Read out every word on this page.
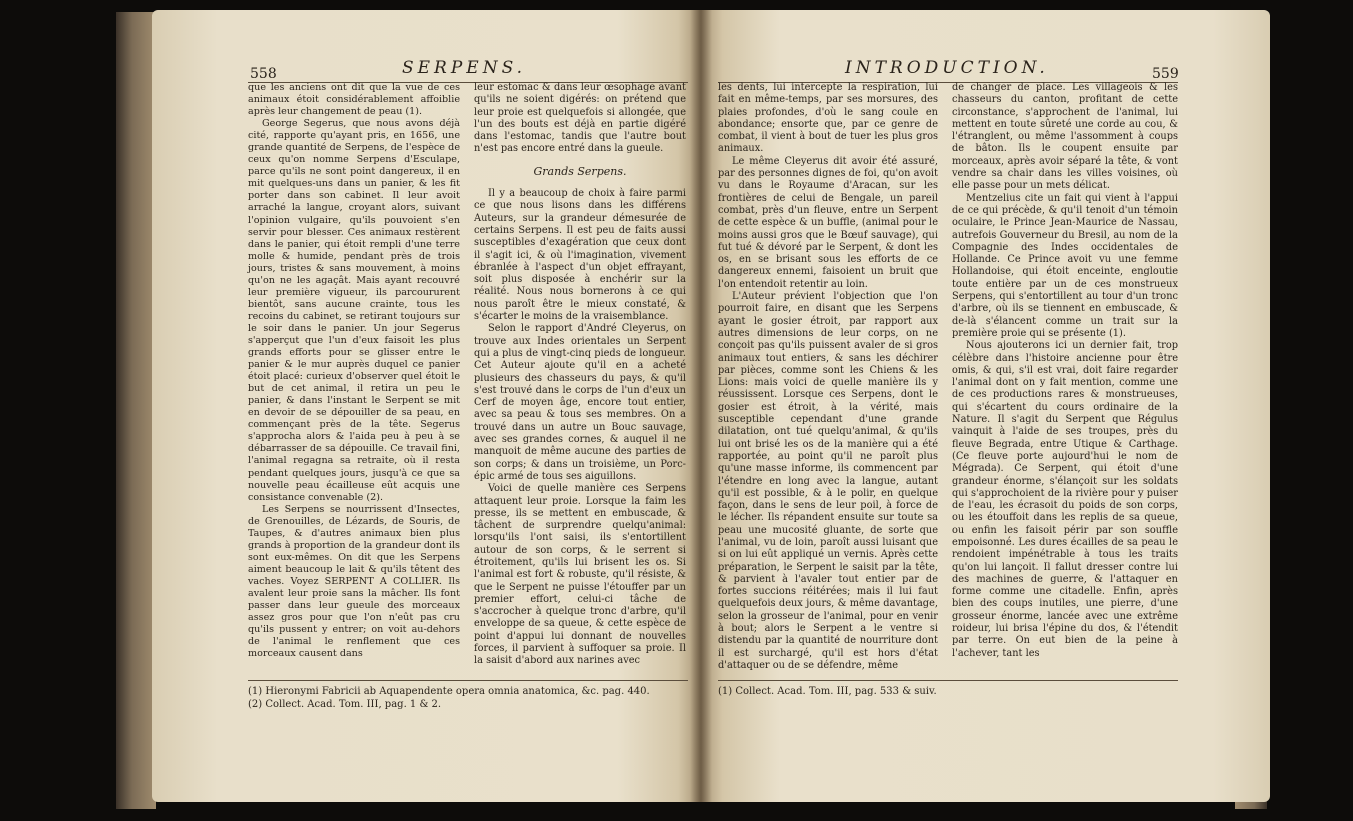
558	SERPENS.

que les anciens ont dit que la vue de ces animaux étoit considérablement affoiblie après leur changement de peau (1).

George Segerus, que nous avons déjà cité, rapporte qu'ayant pris, en 1656, une grande quantité de Serpens, de l'espèce de ceux qu'on nomme Serpens d'Esculape, parce qu'ils ne sont point dangereux, il en mit quelques-uns dans un panier, & les fit porter dans son cabinet. Il leur avoit arraché la langue, croyant alors, suivant l'opinion vulgaire, qu'ils pouvoient s'en servir pour blesser. Ces animaux restèrent dans le panier, qui étoit rempli d'une terre molle & humide, pendant près de trois jours, tristes & sans mouvement, à moins qu'on ne les agaçât. Mais ayant recouvré leur première vigueur, ils parcoururent bientôt, sans aucune crainte, tous les recoins du cabinet, se retirant toujours sur le soir dans le panier. Un jour Segerus s'apperçut que l'un d'eux faisoit les plus grands efforts pour se glisser entre le panier & le mur auprès duquel ce panier étoit placé: curieux d'observer quel étoit le but de cet animal, il retira un peu le panier, & dans l'instant le Serpent se mit en devoir de se dépouiller de sa peau, en commençant près de la tête. Segerus s'approcha alors & l'aida peu à peu à se débarrasser de sa dépouille. Ce travail fini, l'animal regagna sa retraite, où il resta pendant quelques jours, jusqu'à ce que sa nouvelle peau écailleuse eût acquis une consistance convenable (2).

Les Serpens se nourrissent d'Insectes, de Grenouilles, de Lézards, de Souris, de Taupes, & d'autres animaux bien plus grands à proportion de la grandeur dont ils sont eux-mêmes. On dit que les Serpens aiment beaucoup le lait & qu'ils têtent des vaches. Voyez SERPENT A COLLIER. Ils avalent leur proie sans la mâcher. Ils font passer dans leur gueule des morceaux assez gros pour que l'on n'eût pas cru qu'ils pussent y entrer; on voit au-dehors de l'animal le renflement que ces morceaux causent dans

leur estomac & dans leur œsophage avant qu'ils ne soient digérés: on prétend que leur proie est quelquefois si allongée, que l'un des bouts est déjà en partie digéré dans l'estomac, tandis que l'autre bout n'est pas encore entré dans la gueule.

Grands Serpens.

Il y a beaucoup de choix à faire parmi ce que nous lisons dans les différens Auteurs, sur la grandeur démesurée de certains Serpens. Il est peu de faits aussi susceptibles d'exagération que ceux dont il s'agit ici, & où l'imagination, vivement ébranlée à l'aspect d'un objet effrayant, soit plus disposée à enchérir sur la réalité. Nous nous bornerons à ce qui nous paroît être le mieux constaté, & s'écarter le moins de la vraisemblance.

Selon le rapport d'André Cleyerus, on trouve aux Indes orientales un Serpent qui a plus de vingt-cinq pieds de longueur. Cet Auteur ajoute qu'il en a acheté plusieurs des chasseurs du pays, & qu'il s'est trouvé dans le corps de l'un d'eux un Cerf de moyen âge, encore tout entier, avec sa peau & tous ses membres. On a trouvé dans un autre un Bouc sauvage, avec ses grandes cornes, & auquel il ne manquoit de même aucune des parties de son corps; & dans un troisième, un Porc-épic armé de tous ses aiguillons.

Voici de quelle manière ces Serpens attaquent leur proie. Lorsque la faim les presse, ils se mettent en embuscade, & tâchent de surprendre quelqu'animal: lorsqu'ils l'ont saisi, ils s'entortillent autour de son corps, & le serrent si étroitement, qu'ils lui brisent les os. Si l'animal est fort & robuste, qu'il résiste, & que le Serpent ne puisse l'étouffer par un premier effort, celui-ci tâche de s'accrocher à quelque tronc d'arbre, qu'il enveloppe de sa queue, & cette espèce de point d'appui lui donnant de nouvelles forces, il parvient à suffoquer sa proie. Il la saisit d'abord aux narines avec

(1) Hieronymi Fabricii ab Aquapendente opera omnia anatomica, &c. pag. 440.
(2) Collect. Acad. Tom. III, pag. 1 & 2.
INTRODUCTION.	559

les dents, lui intercepte la respiration, lui fait en même-temps, par ses morsures, des plaies profondes, d'où le sang coule en abondance; ensorte que, par ce genre de combat, il vient à bout de tuer les plus gros animaux.

Le même Cleyerus dit avoir été assuré, par des personnes dignes de foi, qu'on avoit vu dans le Royaume d'Aracan, sur les frontières de celui de Bengale, un pareil combat, près d'un fleuve, entre un Serpent de cette espèce & un buffle, (animal pour le moins aussi gros que le Bœuf sauvage), qui fut tué & dévoré par le Serpent, & dont les os, en se brisant sous les efforts de ce dangereux ennemi, faisoient un bruit que l'on entendoit retentir au loin.

L'Auteur prévient l'objection que l'on pourroit faire, en disant que les Serpens ayant le gosier étroit, par rapport aux autres dimensions de leur corps, on ne conçoit pas qu'ils puissent avaler de si gros animaux tout entiers, & sans les déchirer par pièces, comme sont les Chiens & les Lions: mais voici de quelle manière ils y réussissent. Lorsque ces Serpens, dont le gosier est étroit, à la vérité, mais susceptible cependant d'une grande dilatation, ont tué quelqu'animal, & qu'ils lui ont brisé les os de la manière qui a été rapportée, au point qu'il ne paroît plus qu'une masse informe, ils commencent par l'étendre en long avec la langue, autant qu'il est possible, & à le polir, en quelque façon, dans le sens de leur poil, à force de le lécher. Ils répandent ensuite sur toute sa peau une mucosité gluante, de sorte que l'animal, vu de loin, paroît aussi luisant que si on lui eût appliqué un vernis. Après cette préparation, le Serpent le saisit par la tête, & parvient à l'avaler tout entier par de fortes succions réitérées; mais il lui faut quelquefois deux jours, & même davantage, selon la grosseur de l'animal, pour en venir à bout; alors le Serpent a le ventre si distendu par la quantité de nourriture dont il est surchargé, qu'il est hors d'état d'attaquer ou de se défendre, même

de changer de place. Les villageois & les chasseurs du canton, profitant de cette circonstance, s'approchent de l'animal, lui mettent en toute sûreté une corde au cou, & l'étranglent, ou même l'assomment à coups de bâton. Ils le coupent ensuite par morceaux, après avoir séparé la tête, & vont vendre sa chair dans les villes voisines, où elle passe pour un mets délicat.

Mentzelius cite un fait qui vient à l'appui de ce qui précède, & qu'il tenoit d'un témoin oculaire, le Prince Jean-Maurice de Nassau, autrefois Gouverneur du Bresil, au nom de la Compagnie des Indes occidentales de Hollande. Ce Prince avoit vu une femme Hollandoise, qui étoit enceinte, engloutie toute entière par un de ces monstrueux Serpens, qui s'entortillent au tour d'un tronc d'arbre, où ils se tiennent en embuscade, & de-là s'élancent comme un trait sur la première proie qui se présente (1).

Nous ajouterons ici un dernier fait, trop célèbre dans l'histoire ancienne pour être omis, & qui, s'il est vrai, doit faire regarder l'animal dont on y fait mention, comme une de ces productions rares & monstrueuses, qui s'écartent du cours ordinaire de la Nature. Il s'agit du Serpent que Régulus vainquit à l'aide de ses troupes, près du fleuve Begrada, entre Utique & Carthage. (Ce fleuve porte aujourd'hui le nom de Mégrada). Ce Serpent, qui étoit d'une grandeur énorme, s'élançoit sur les soldats qui s'approchoient de la rivière pour y puiser de l'eau, les écrasoit du poids de son corps, ou les étouffoit dans les replis de sa queue, ou enfin les faisoit périr par son souffle empoisonné. Les dures écailles de sa peau le rendoient impénétrable à tous les traits qu'on lui lançoit. Il fallut dresser contre lui des machines de guerre, & l'attaquer en forme comme une citadelle. Enfin, après bien des coups inutiles, une pierre, d'une grosseur énorme, lancée avec une extrême roideur, lui brisa l'épine du dos, & l'étendit par terre. On eut bien de la peine à l'achever, tant les

(1) Collect. Acad. Tom. III, pag. 533 & suiv.
